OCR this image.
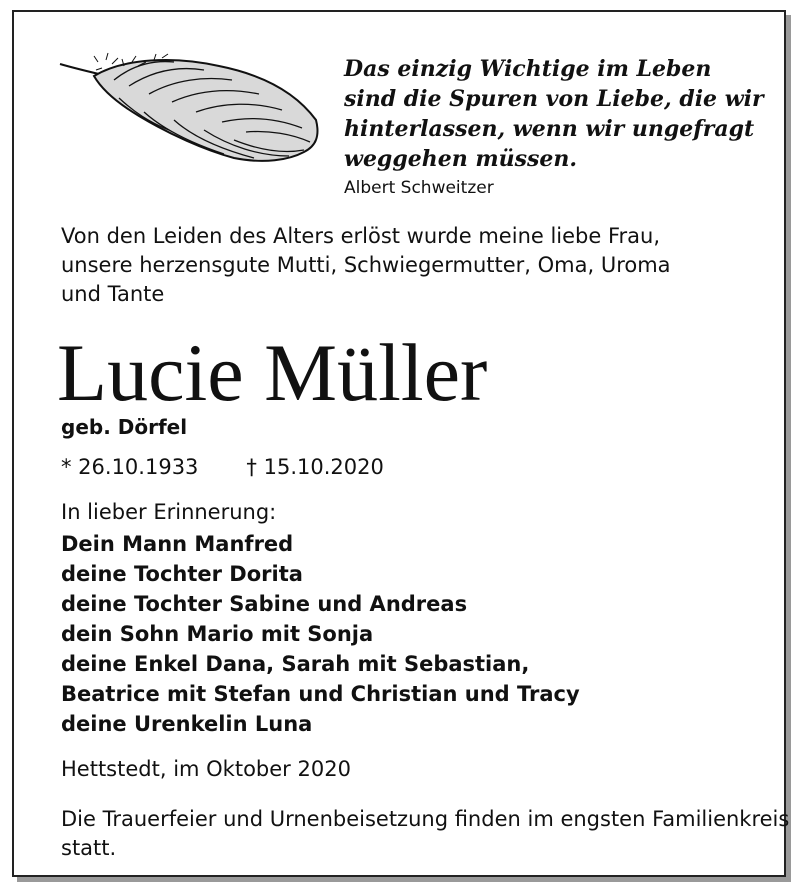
Das einzig Wichtige im Leben
sind die Spuren von Liebe, die wir
hinterlassen, wenn wir ungefragt
weggehen müssen.

Albert Schweitzer

Von den Leiden des Alters erlöst wurde meine liebe Frau,
unsere herzensgute Mutti, Schwiegermutter, Oma, Uroma
und Tante
Lucie Müller

geb. Dörfel

* 26.10.1933 † 15.10.2020

In lieber Erinnerung:

Dein Mann Manfred
deine Tochter Dorita
deine Tochter Sabine und Andreas
dein Sohn Mario mit Sonja
deine Enkel Dana, Sarah mit Sebastian,
Beatrice mit Stefan und Christian und Tracy
deine Urenkelin Luna

Hettstedt, im Oktober 2020

Die Trauerfeier und Urnenbeisetzung finden im engsten Familienkreis statt.
